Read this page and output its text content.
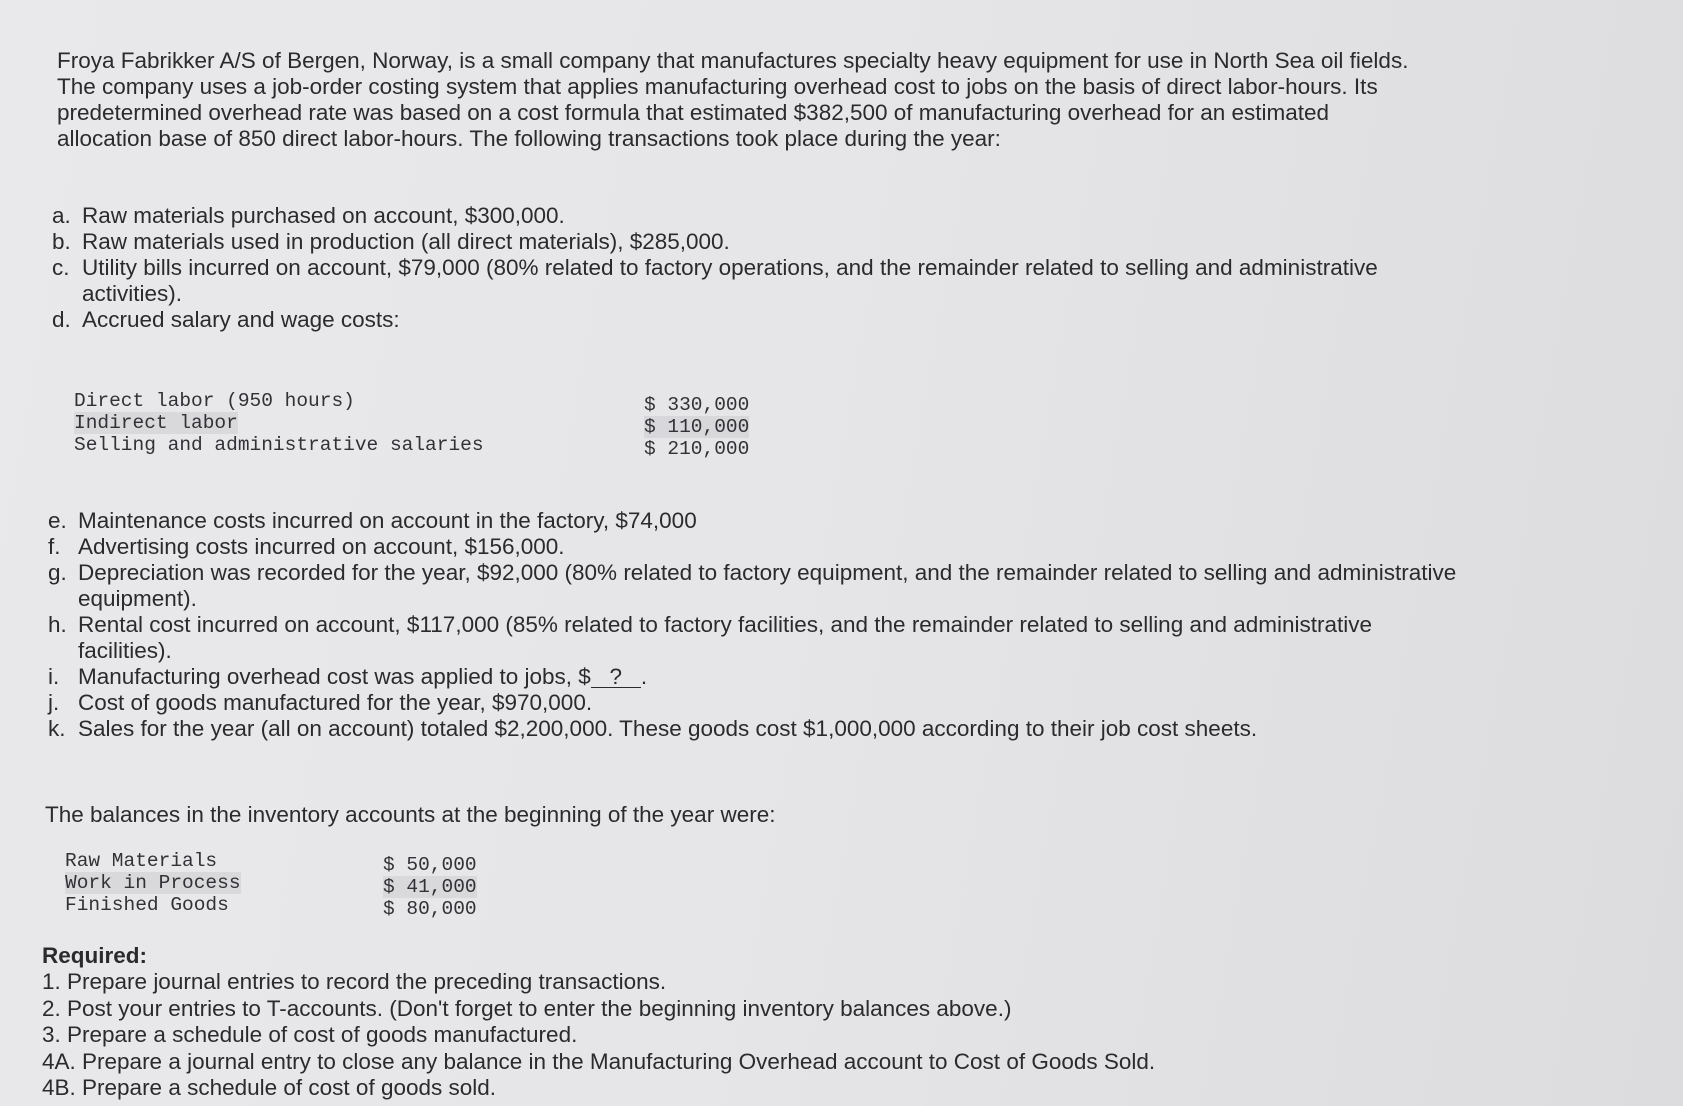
Froya Fabrikker A/S of Bergen, Norway, is a small company that manufactures specialty heavy equipment for use in North Sea oil fields. The company uses a job-order costing system that applies manufacturing overhead cost to jobs on the basis of direct labor-hours. Its predetermined overhead rate was based on a cost formula that estimated $382,500 of manufacturing overhead for an estimated allocation base of 850 direct labor-hours. The following transactions took place during the year:

a. Raw materials purchased on account, $300,000.
b. Raw materials used in production (all direct materials), $285,000.
c. Utility bills incurred on account, $79,000 (80% related to factory operations, and the remainder related to selling and administrative activities).
d. Accrued salary and wage costs:
Direct labor (950 hours)	$ 330,000
Indirect labor	$ 110,000
Selling and administrative salaries	$ 210,000
e. Maintenance costs incurred on account in the factory, $74,000
f. Advertising costs incurred on account, $156,000.
g. Depreciation was recorded for the year, $92,000 (80% related to factory equipment, and the remainder related to selling and administrative equipment).
h. Rental cost incurred on account, $117,000 (85% related to factory facilities, and the remainder related to selling and administrative facilities).
i. Manufacturing overhead cost was applied to jobs, $ ? .
j. Cost of goods manufactured for the year, $970,000.
k. Sales for the year (all on account) totaled $2,200,000. These goods cost $1,000,000 according to their job cost sheets.

The balances in the inventory accounts at the beginning of the year were:

Raw Materials	$ 50,000
Work in Process	$ 41,000
Finished Goods	$ 80,000
Required:
1. Prepare journal entries to record the preceding transactions.
2. Post your entries to T-accounts. (Don't forget to enter the beginning inventory balances above.)
3. Prepare a schedule of cost of goods manufactured.
4A. Prepare a journal entry to close any balance in the Manufacturing Overhead account to Cost of Goods Sold.
4B. Prepare a schedule of cost of goods sold.
